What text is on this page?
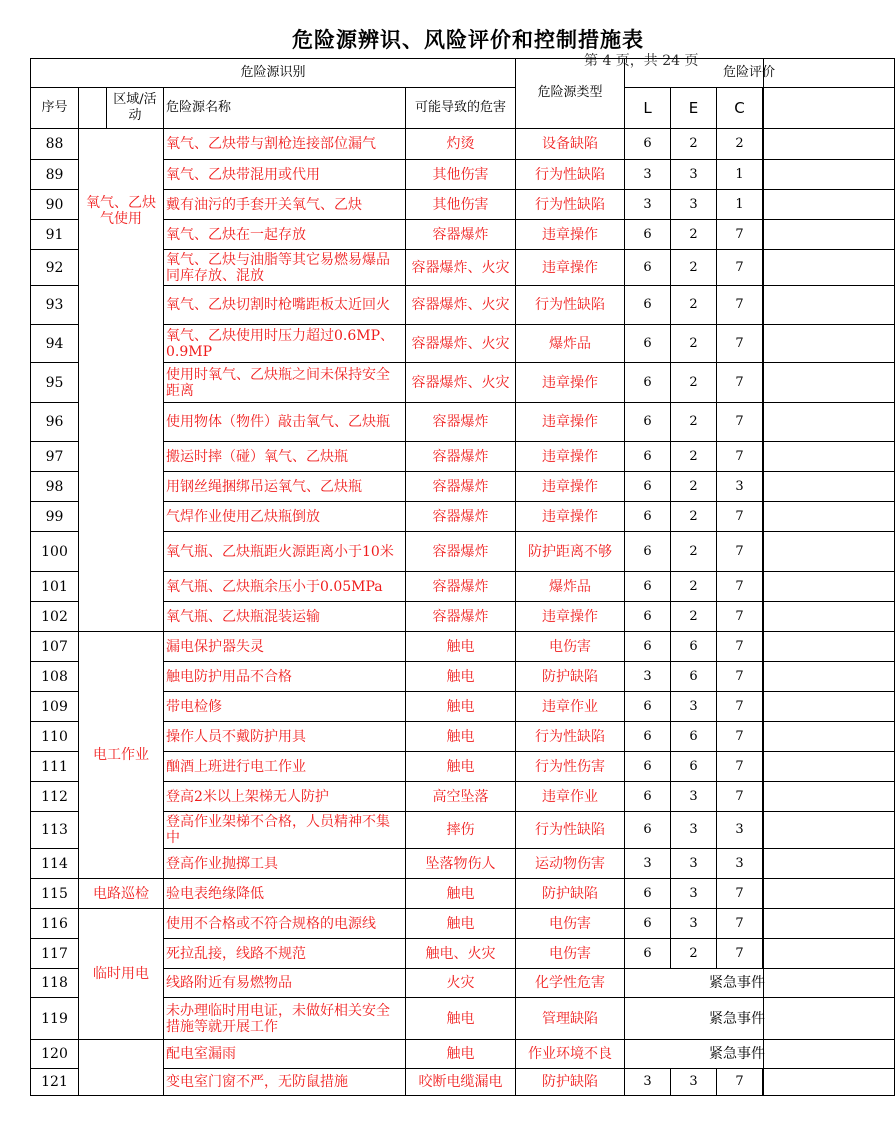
危险源辨识、风险评价和控制措施表
第 4 页，共 24 页
危险源识别					危险源类型	危险评价			
序号		区域/活动	危险源名称	可能导致的危害		L	E	C	
88	氧气、乙炔气使用		氧气、乙炔带与割枪连接部位漏气	灼烫	设备缺陷	6	2	2	
89			氧气、乙炔带混用或代用	其他伤害	行为性缺陷	3	3	1	
90			戴有油污的手套开关氧气、乙炔	其他伤害	行为性缺陷	3	3	1	
91			氧气、乙炔在一起存放	容器爆炸	违章操作	6	2	7	
92			氧气、乙炔与油脂等其它易燃易爆品同库存放、混放	容器爆炸、火灾	违章操作	6	2	7	
93			氧气、乙炔切割时枪嘴距板太近回火	容器爆炸、火灾	行为性缺陷	6	2	7	
94			氧气、乙炔使用时压力超过0.6MP、0.9MP	容器爆炸、火灾	爆炸品	6	2	7	
95			使用时氧气、乙炔瓶之间未保持安全距离	容器爆炸、火灾	违章操作	6	2	7	
96			使用物体（物件）敲击氧气、乙炔瓶	容器爆炸	违章操作	6	2	7	
97			搬运时摔（碰）氧气、乙炔瓶	容器爆炸	违章操作	6	2	7	
98			用钢丝绳捆绑吊运氧气、乙炔瓶	容器爆炸	违章操作	6	2	3	
99			气焊作业使用乙炔瓶倒放	容器爆炸	违章操作	6	2	7	
100			氧气瓶、乙炔瓶距火源距离小于10米	容器爆炸	防护距离不够	6	2	7	
101			氧气瓶、乙炔瓶余压小于0.05MPa	容器爆炸	爆炸品	6	2	7	
102			氧气瓶、乙炔瓶混装运输	容器爆炸	违章操作	6	2	7	
107	电工作业		漏电保护器失灵	触电	电伤害	6	6	7	
108			触电防护用品不合格	触电	防护缺陷	3	6	7	
109			带电检修	触电	违章作业	6	3	7	
110			操作人员不戴防护用具	触电	行为性缺陷	6	6	7	
111			酗酒上班进行电工作业	触电	行为性伤害	6	6	7	
112			登高2米以上架梯无人防护	高空坠落	违章作业	6	3	7	
113			登高作业架梯不合格，人员精神不集中	摔伤	行为性缺陷	6	3	3	
114			登高作业抛掷工具	坠落物伤人	运动物伤害	3	3	3	
115	电路巡检		验电表绝缘降低	触电	防护缺陷	6	3	7	
116	临时用电		使用不合格或不符合规格的电源线	触电	电伤害	6	3	7	
117			死拉乱接，线路不规范	触电、火灾	电伤害	6	2	7	
118			线路附近有易燃物品	火灾	化学性危害	紧急事件			
119			未办理临时用电证，未做好相关安全措施等就开展工作	触电	管理缺陷	紧急事件			
120			配电室漏雨	触电	作业环境不良	紧急事件			
121			变电室门窗不严，无防鼠措施	咬断电缆漏电	防护缺陷	3	3	7	
